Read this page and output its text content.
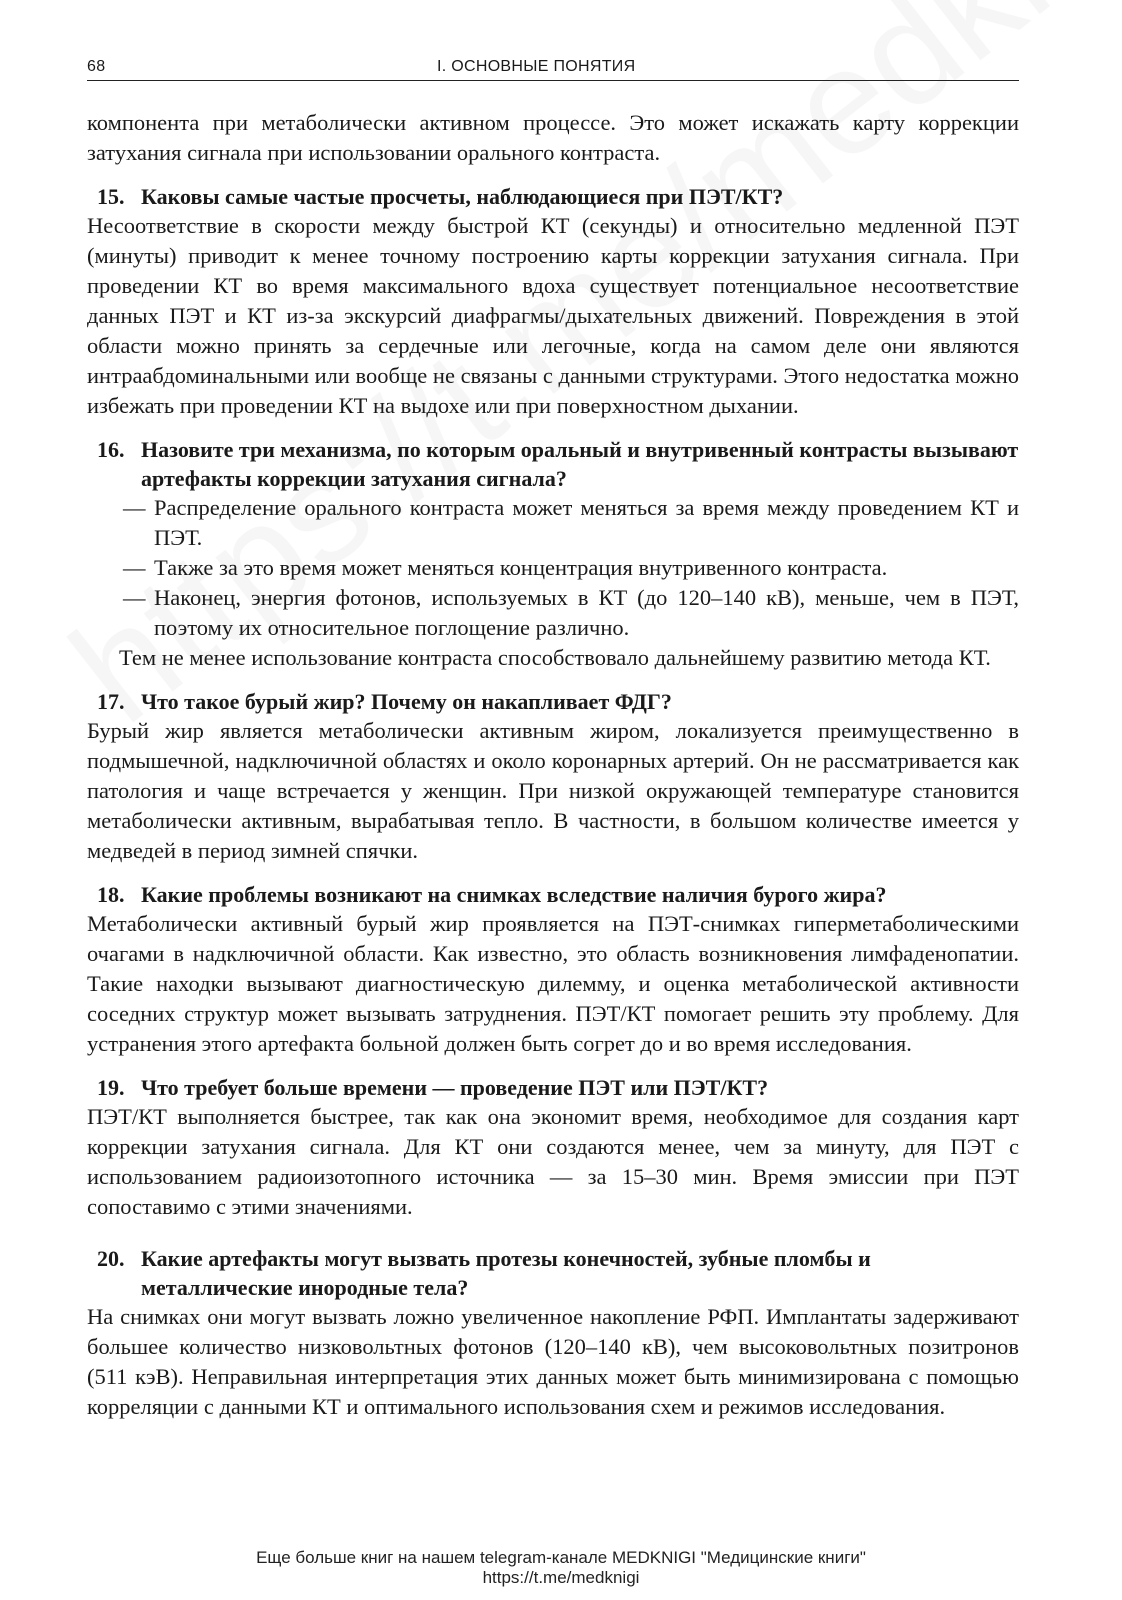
68	I. ОСНОВНЫЕ ПОНЯТИЯ

компонента при метаболически активном процессе. Это может искажать карту коррекции затухания сигнала при использовании орального контраста.

15. Каковы самые частые просчеты, наблюдающиеся при ПЭТ/КТ?

Несоответствие в скорости между быстрой КТ (секунды) и относительно медленной ПЭТ (минуты) приводит к менее точному построению карты коррекции затухания сигнала. При проведении КТ во время максимального вдоха существует потенциальное несоответствие данных ПЭТ и КТ из-за экскурсий диафрагмы/дыхательных движений. Повреждения в этой области можно принять за сердечные или легочные, когда на самом деле они являются интраабдоминальными или вообще не связаны с данными структурами. Этого недостатка можно избежать при проведении КТ на выдохе или при поверхностном дыхании.

16. Назовите три механизма, по которым оральный и внутривенный контрасты вызывают артефакты коррекции затухания сигнала?
— Распределение орального контраста может меняться за время между проведением КТ и ПЭТ.
— Также за это время может меняться концентрация внутривенного контраста.
— Наконец, энергия фотонов, используемых в КТ (до 120–140 кВ), меньше, чем в ПЭТ, поэтому их относительное поглощение различно.

Тем не менее использование контраста способствовало дальнейшему развитию метода КТ.

17. Что такое бурый жир? Почему он накапливает ФДГ?

Бурый жир является метаболически активным жиром, локализуется преимущественно в подмышечной, надключичной областях и около коронарных артерий. Он не рассматривается как патология и чаще встречается у женщин. При низкой окружающей температуре становится метаболически активным, вырабатывая тепло. В частности, в большом количестве имеется у медведей в период зимней спячки.

18. Какие проблемы возникают на снимках вследствие наличия бурого жира?

Метаболически активный бурый жир проявляется на ПЭТ-снимках гиперметаболическими очагами в надключичной области. Как известно, это область возникновения лимфаденопатии. Такие находки вызывают диагностическую дилемму, и оценка метаболической активности соседних структур может вызывать затруднения. ПЭТ/КТ помогает решить эту проблему. Для устранения этого артефакта больной должен быть согрет до и во время исследования.

19. Что требует больше времени — проведение ПЭТ или ПЭТ/КТ?

ПЭТ/КТ выполняется быстрее, так как она экономит время, необходимое для создания карт коррекции затухания сигнала. Для КТ они создаются менее, чем за минуту, для ПЭТ с использованием радиоизотопного источника — за 15–30 мин. Время эмиссии при ПЭТ сопоставимо с этими значениями.

20. Какие артефакты могут вызвать протезы конечностей, зубные пломбы и металлические инородные тела?

На снимках они могут вызвать ложно увеличенное накопление РФП. Имплантаты задерживают большее количество низковольтных фотонов (120–140 кВ), чем высоковольтных позитронов (511 кэВ). Неправильная интерпретация этих данных может быть минимизирована с помощью корреляции с данными КТ и оптимального использования схем и режимов исследования.

Еще больше книг на нашем telegram-канале MEDKNIGI "Медицинские книги"
https://t.me/medknigi
